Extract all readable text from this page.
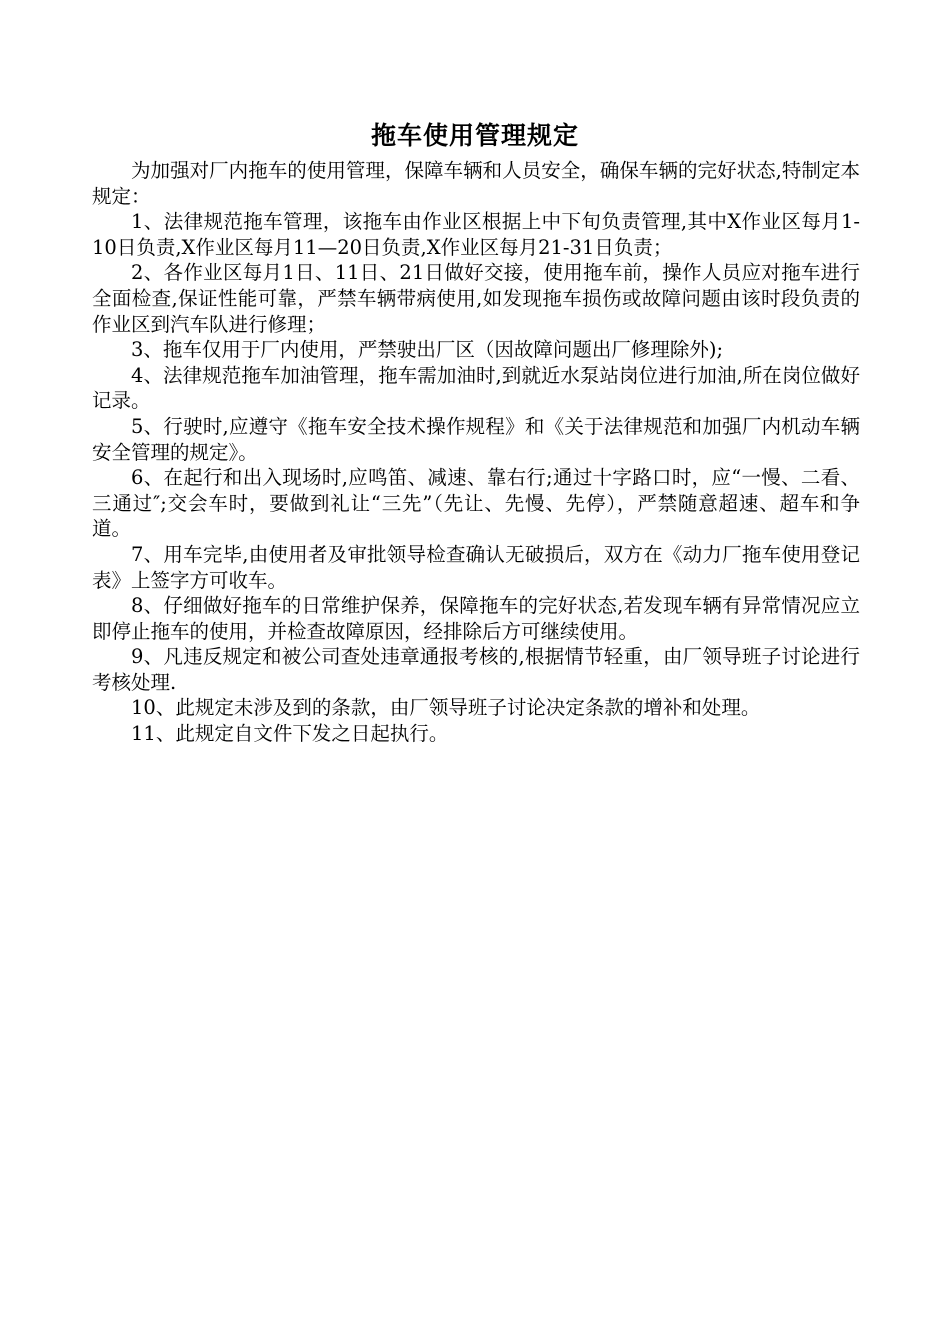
拖车使用管理规定

为加强对厂内拖车的使用管理，保障车辆和人员安全，确保车辆的完好状态,特制定本规定：

1、法律规范拖车管理，该拖车由作业区根据上中下旬负责管理,其中X作业区每月1-10日负责,X作业区每月11—20日负责,X作业区每月21-31日负责；

2、各作业区每月1日、11日、21日做好交接，使用拖车前，操作人员应对拖车进行全面检查,保证性能可靠，严禁车辆带病使用,如发现拖车损伤或故障问题由该时段负责的作业区到汽车队进行修理；

3、拖车仅用于厂内使用，严禁驶出厂区（因故障问题出厂修理除外);

4、法律规范拖车加油管理，拖车需加油时,到就近水泵站岗位进行加油,所在岗位做好记录。

5、行驶时,应遵守《拖车安全技术操作规程》和《关于法律规范和加强厂内机动车辆安全管理的规定》。

6、在起行和出入现场时,应鸣笛、减速、靠右行;通过十字路口时，应“一慢、二看、三通过″;交会车时，要做到礼让“三先”（先让、先慢、先停），严禁随意超速、超车和争道。

7、用车完毕,由使用者及审批领导检查确认无破损后，双方在《动力厂拖车使用登记表》上签字方可收车。

8、仔细做好拖车的日常维护保养，保障拖车的完好状态,若发现车辆有异常情况应立即停止拖车的使用，并检查故障原因，经排除后方可继续使用。

9、凡违反规定和被公司查处违章通报考核的,根据情节轻重，由厂领导班子讨论进行考核处理.

10、此规定未涉及到的条款，由厂领导班子讨论决定条款的增补和处理。

11、此规定自文件下发之日起执行。
